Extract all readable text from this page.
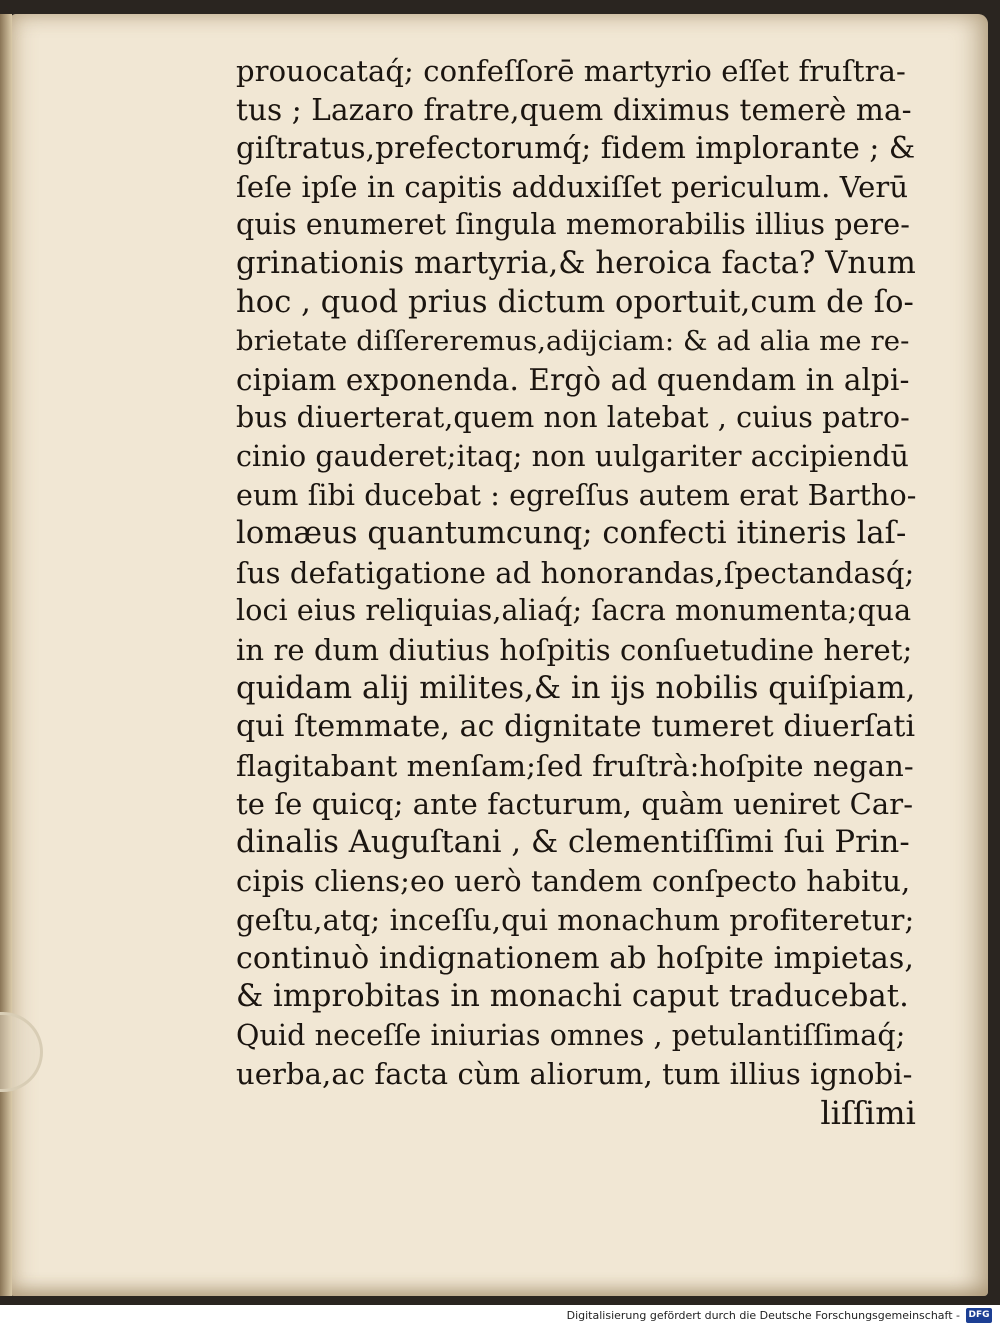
prouocataq́; confeſſorē martyrio eſſet fruſtra-
tus ; Lazaro fratre,quem diximus temerè ma-
giſtratus,prefectorumq́; fidem implorante ; &
ſeſe ipſe in capitis adduxiſſet periculum. Verū
quis enumeret ſingula memorabilis illius pere-
grinationis martyria,& heroica facta? Vnum
hoc , quod prius dictum oportuit,cum de ſo-
brietate diſſereremus,adijciam: & ad alia me re-
cipiam exponenda. Ergò ad quendam in alpi-
bus diuerterat,quem non latebat , cuius patro-
cinio gauderet;itaq; non uulgariter accipiendū
eum ſibi ducebat : egreſſus autem erat Bartho-
lomæus quantumcunq; confecti itineris laſ-
ſus defatigatione ad honorandas,ſpectandasq́;
loci eius reliquias,aliaq́; ſacra monumenta;qua
in re dum diutius hoſpitis conſuetudine heret;
quidam alij milites,& in ijs nobilis quiſpiam,
qui ſtemmate, ac dignitate tumeret diuerſati
flagitabant menſam;ſed fruſtrà:hoſpite negan-
te ſe quicq; ante facturum, quàm ueniret Car-
dinalis Auguſtani , & clementiſſimi ſui Prin-
cipis cliens;eo uerò tandem conſpecto habitu,
geſtu,atq; inceſſu,qui monachum profiteretur;
continuò indignationem ab hoſpite impietas,
& improbitas in monachi caput traducebat.
Quid neceſſe iniurias omnes , petulantiſſimaq́;
uerba,ac facta cùm aliorum, tum illius ignobi-
liſſimi
Digitalisierung gefördert durch die Deutsche Forschungsgemeinschaft - DFG
